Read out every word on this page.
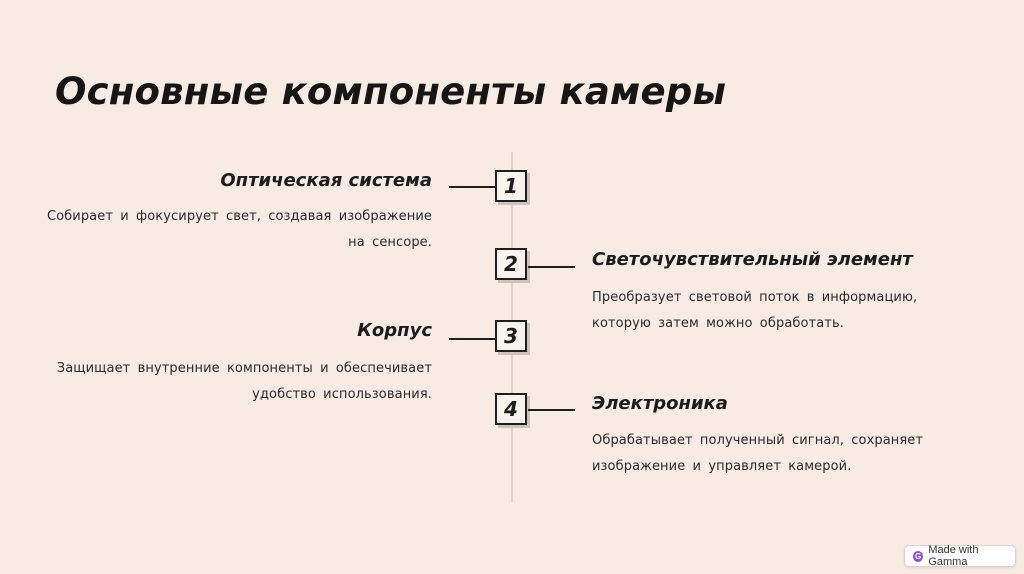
Основные компоненты камеры
Оптическая система
Собирает и фокусирует свет, создавая изображение
на сенсоре.
1
2	Светочувствительный элемент
Преобразует световой поток в информацию,
которую затем можно обработать.
Корпус
Защищает внутренние компоненты и обеспечивает
удобство использования.
3
4	Электроника
Обрабатывает полученный сигнал, сохраняет
изображение и управляет камерой.
G Made with Gamma
